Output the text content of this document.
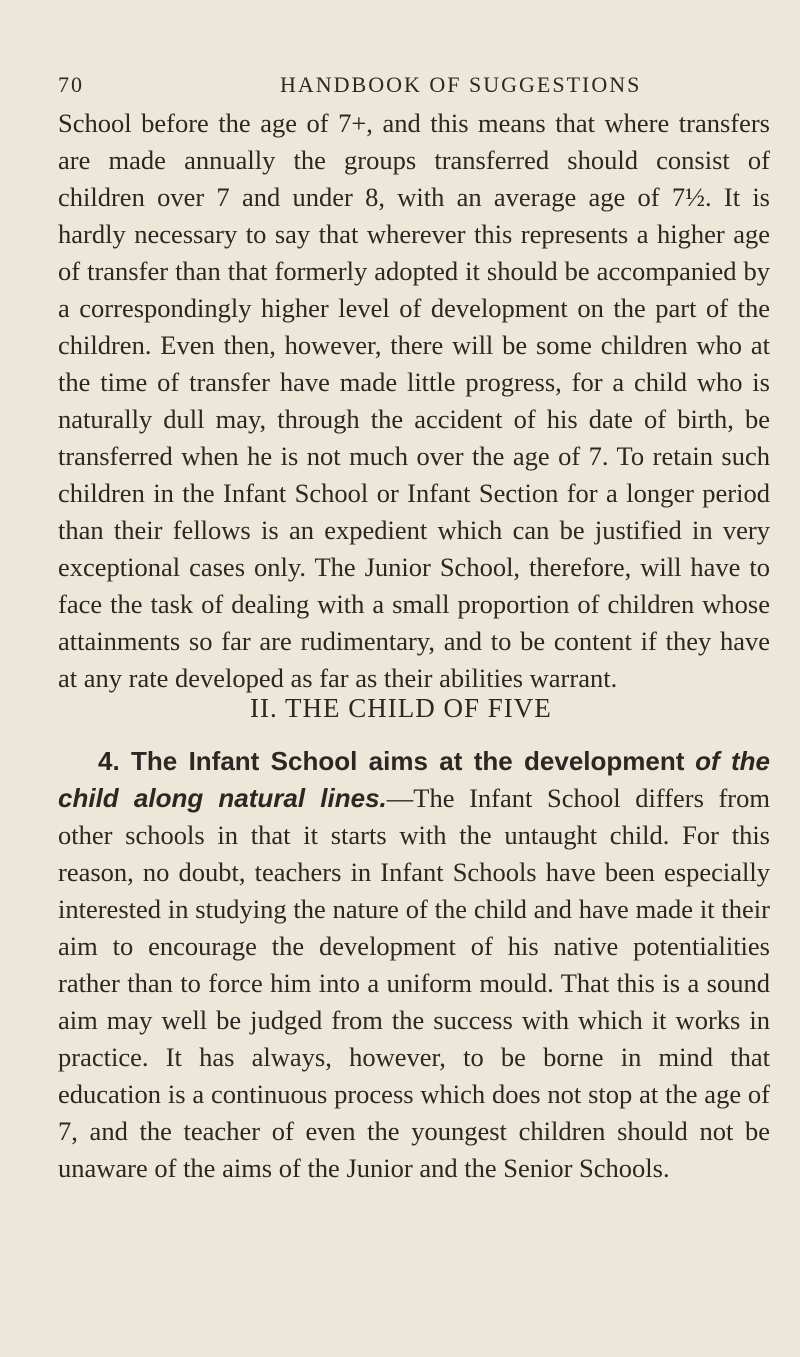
70	HANDBOOK OF SUGGESTIONS

School before the age of 7+, and this means that where transfers are made annually the groups transferred should consist of children over 7 and under 8, with an average age of 7½. It is hardly necessary to say that wherever this represents a higher age of transfer than that formerly adopted it should be accompanied by a correspondingly higher level of development on the part of the children. Even then, however, there will be some children who at the time of transfer have made little progress, for a child who is naturally dull may, through the accident of his date of birth, be transferred when he is not much over the age of 7. To retain such children in the Infant School or Infant Section for a longer period than their fellows is an expedient which can be justified in very exceptional cases only. The Junior School, therefore, will have to face the task of dealing with a small proportion of children whose attainments so far are rudimentary, and to be content if they have at any rate developed as far as their abilities warrant.

II. THE CHILD OF FIVE

4. The Infant School aims at the development of the child along natural lines.—The Infant School differs from other schools in that it starts with the untaught child. For this reason, no doubt, teachers in Infant Schools have been especially interested in studying the nature of the child and have made it their aim to encourage the development of his native potentialities rather than to force him into a uniform mould. That this is a sound aim may well be judged from the success with which it works in practice. It has always, however, to be borne in mind that education is a continuous process which does not stop at the age of 7, and the teacher of even the youngest children should not be unaware of the aims of the Junior and the Senior Schools.
